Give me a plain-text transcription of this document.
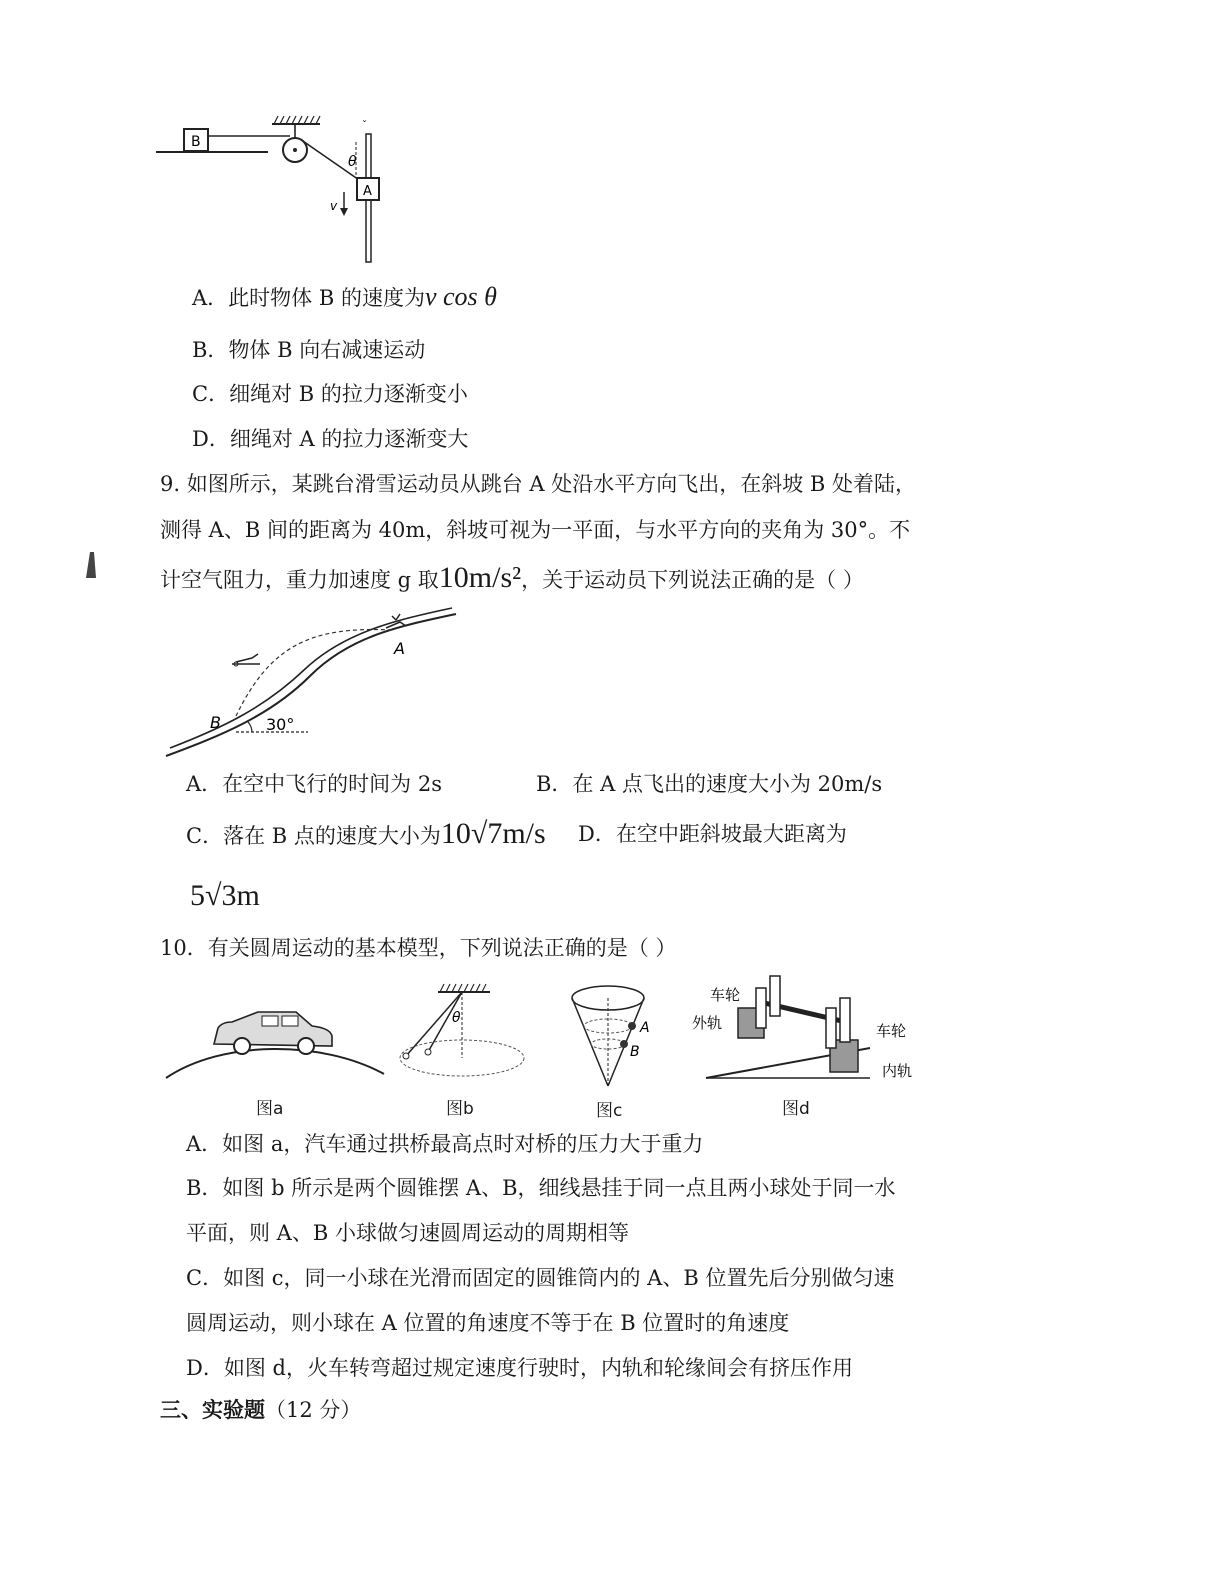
B
ˇ
θ
A
v
A．此时物体 B 的速度为v cos θ
B．物体 B 向右减速运动
C．细绳对 B 的拉力逐渐变小
D．细绳对 A 的拉力逐渐变大
9. 如图所示，某跳台滑雪运动员从跳台 A 处沿水平方向飞出，在斜坡 B 处着陆，
测得 A、B 间的距离为 40m，斜坡可视为一平面，与水平方向的夹角为 30°。不
计空气阻力，重力加速度 g 取10m/s²，关于运动员下列说法正确的是（ ）
A
B	30°
A．在空中飞行的时间为 2s	B．在 A 点飞出的速度大小为 20m/s
C．落在 B 点的速度大小为10√7m/s D．在空中距斜坡最大距离为
5√3m
10．有关圆周运动的基本模型，下列说法正确的是（ ）
图a
θ
图b
A
B
图c
车轮
外轨	车轮
内轨
图d
A．如图 a，汽车通过拱桥最高点时对桥的压力大于重力
B．如图 b 所示是两个圆锥摆 A、B，细线悬挂于同一点且两小球处于同一水
平面，则 A、B 小球做匀速圆周运动的周期相等
C．如图 c，同一小球在光滑而固定的圆锥筒内的 A、B 位置先后分别做匀速
圆周运动，则小球在 A 位置的角速度不等于在 B 位置时的角速度
D．如图 d，火车转弯超过规定速度行驶时，内轨和轮缘间会有挤压作用
三、实验题（12 分）
